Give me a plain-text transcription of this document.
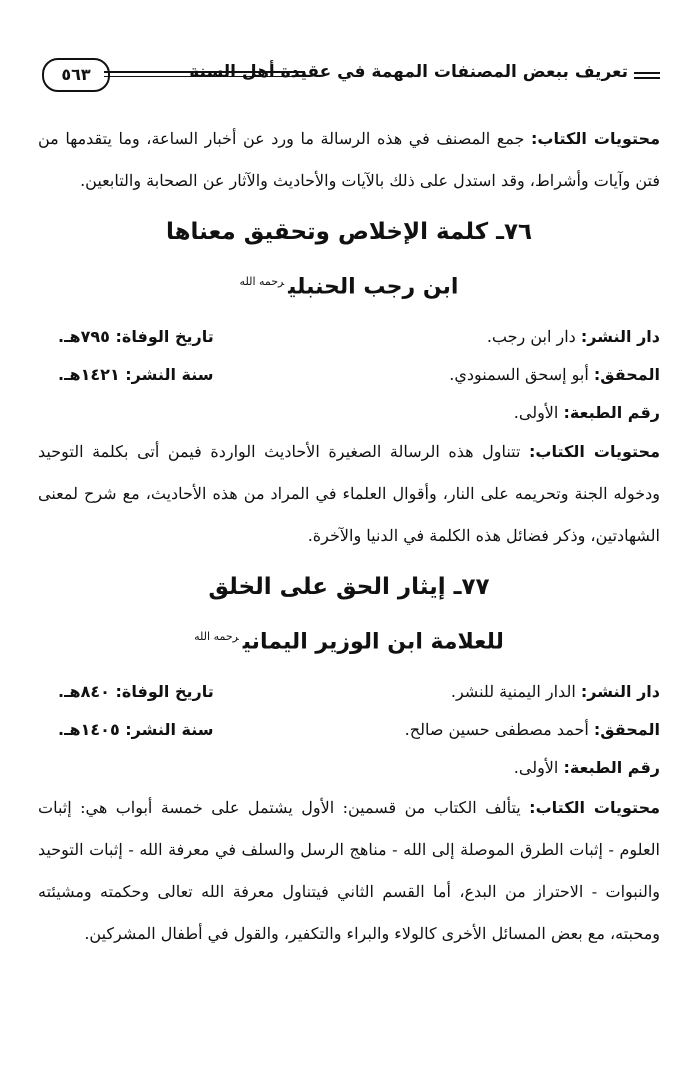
تعريف ببعض المصنفات المهمة في عقيدة أهل السنة
٥٦٣

محتويات الكتاب: جمع المصنف في هذه الرسالة ما ورد عن أخبار الساعة، وما يتقدمها من فتن وآيات وأشراط، وقد استدل على ذلك بالآيات والأحاديث والآثار عن الصحابة والتابعين.

٧٦ـ كلمة الإخلاص وتحقيق معناها
ابن رجب الحنبلي$^{رحمه الله}$
دار النشر: دار ابن رجب.
تاريخ الوفاة: ٧٩٥هـ.
المحقق: أبو إسحق السمنودي.
سنة النشر: ١٤٢١هـ.
رقم الطبعة: الأولى.

محتويات الكتاب: تتناول هذه الرسالة الصغيرة الأحاديث الواردة فيمن أتى بكلمة التوحيد ودخوله الجنة وتحريمه على النار، وأقوال العلماء في المراد من هذه الأحاديث، مع شرح لمعنى الشهادتين، وذكر فضائل هذه الكلمة في الدنيا والآخرة.

٧٧ـ إيثار الحق على الخلق
للعلامة ابن الوزير اليماني$^{رحمه الله}$
دار النشر: الدار اليمنية للنشر.
تاريخ الوفاة: ٨٤٠هـ.
المحقق: أحمد مصطفى حسين صالح.
سنة النشر: ١٤٠٥هـ.
رقم الطبعة: الأولى.

محتويات الكتاب: يتألف الكتاب من قسمين: الأول يشتمل على خمسة أبواب هي: إثبات العلوم - إثبات الطرق الموصلة إلى الله - مناهج الرسل والسلف في معرفة الله - إثبات التوحيد والنبوات - الاحتراز من البدع، أما القسم الثاني فيتناول معرفة الله تعالى وحكمته ومشيئته ومحبته، مع بعض المسائل الأخرى كالولاء والبراء والتكفير، والقول في أطفال المشركين.
